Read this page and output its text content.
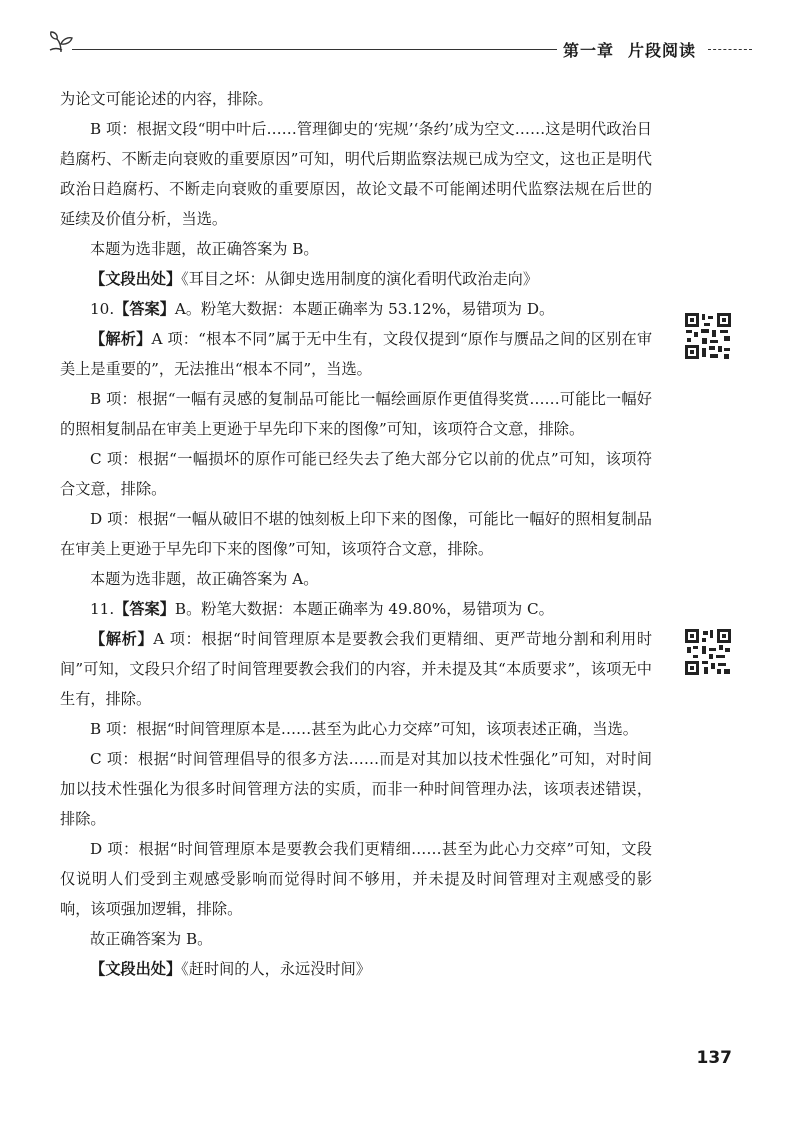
第一章 片段阅读

为论文可能论述的内容，排除。

B 项：根据文段“明中叶后……管理御史的‘宪规’‘条约’成为空文……这是明代政治日趋腐朽、不断走向衰败的重要原因”可知，明代后期监察法规已成为空文，这也正是明代政治日趋腐朽、不断走向衰败的重要原因，故论文最不可能阐述明代监察法规在后世的延续及价值分析，当选。

本题为选非题，故正确答案为 B。

【文段出处】《耳目之坏：从御史选用制度的演化看明代政治走向》

10.【答案】A。粉笔大数据：本题正确率为 53.12%，易错项为 D。

【解析】A 项：“根本不同”属于无中生有，文段仅提到“原作与赝品之间的区别在审美上是重要的”，无法推出“根本不同”，当选。

B 项：根据“一幅有灵感的复制品可能比一幅绘画原作更值得奖赏……可能比一幅好的照相复制品在审美上更逊于早先印下来的图像”可知，该项符合文意，排除。

C 项：根据“一幅损坏的原作可能已经失去了绝大部分它以前的优点”可知，该项符合文意，排除。

D 项：根据“一幅从破旧不堪的蚀刻板上印下来的图像，可能比一幅好的照相复制品在审美上更逊于早先印下来的图像”可知，该项符合文意，排除。

本题为选非题，故正确答案为 A。

11.【答案】B。粉笔大数据：本题正确率为 49.80%，易错项为 C。

【解析】A 项：根据“时间管理原本是要教会我们更精细、更严苛地分割和利用时间”可知，文段只介绍了时间管理要教会我们的内容，并未提及其“本质要求”，该项无中生有，排除。

B 项：根据“时间管理原本是……甚至为此心力交瘁”可知，该项表述正确，当选。

C 项：根据“时间管理倡导的很多方法……而是对其加以技术性强化”可知，对时间加以技术性强化为很多时间管理方法的实质，而非一种时间管理办法，该项表述错误，排除。

D 项：根据“时间管理原本是要教会我们更精细……甚至为此心力交瘁”可知，文段仅说明人们受到主观感受影响而觉得时间不够用，并未提及时间管理对主观感受的影响，该项强加逻辑，排除。

故正确答案为 B。

【文段出处】《赶时间的人，永远没时间》

137
